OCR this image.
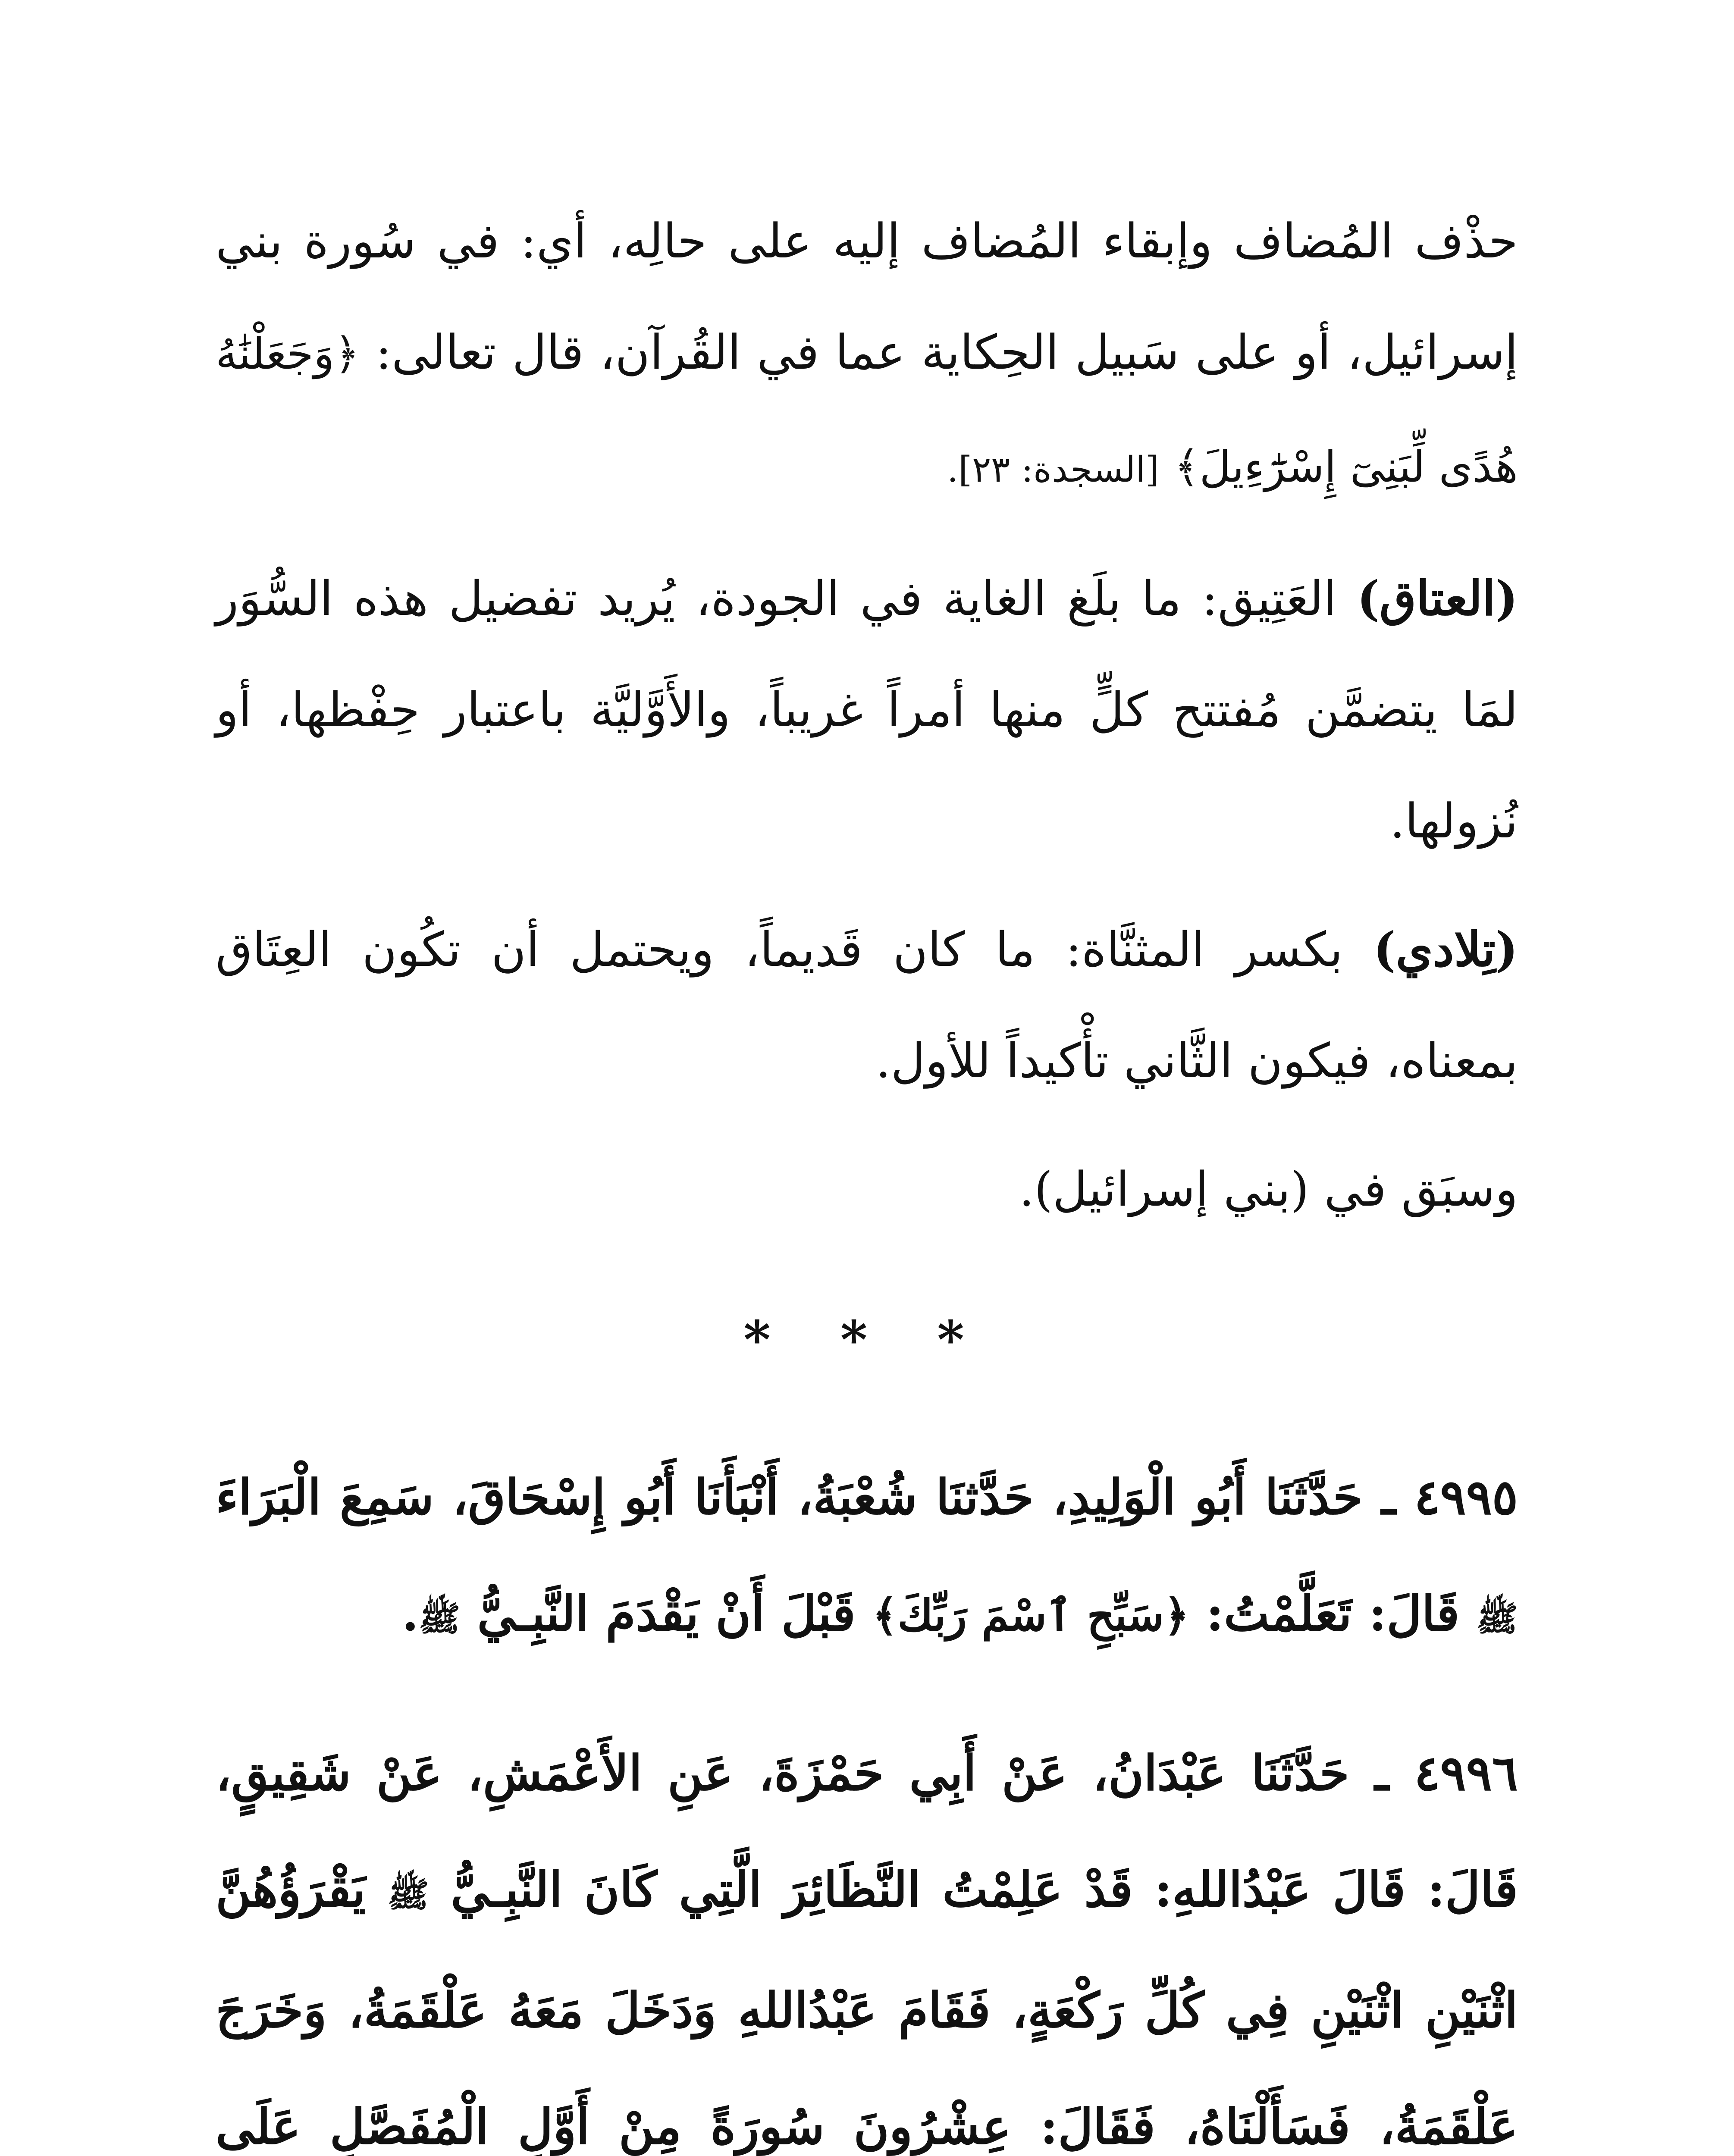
حذْف المُضاف وإبقاء المُضاف إليه على حالِه، أي: في سُورة بني إسرائيل، أو على سَبيل الحِكاية عما في القُرآن، قال تعالى: ﴿وَجَعَلْنَٰهُ هُدًى لِّبَنِىٓ إِسْرَٰٓءِيلَ﴾ [السجدة: ٢٣].

(العتاق) العَتِيق: ما بلَغ الغاية في الجودة، يُريد تفضيل هذه السُّوَر لمَا يتضمَّن مُفتتح كلٍّ منها أمراً غريباً، والأَوَّليَّة باعتبار حِفْظها، أو نُزولها.

(تِلادي) بكسر المثنَّاة: ما كان قَديماً، ويحتمل أن تكُون العِتَاق بمعناه، فيكون الثَّاني تأْكيداً للأول.

وسبَق في (بني إسرائيل).

* * *

٤٩٩٥ ـ حَدَّثَنَا أَبُو الْوَلِيدِ، حَدَّثنَا شُعْبَةُ، أَنْبَأَنَا أَبُو إِسْحَاقَ، سَمِعَ الْبَرَاءَ ﷺ قَالَ: تَعَلَّمْتُ: ﴿سَبِّحِ ٱسْمَ رَبِّكَ﴾ قَبْلَ أَنْ يَقْدَمَ النَّبِـيُّ ﷺ.

٤٩٩٦ ـ حَدَّثَنَا عَبْدَانُ، عَنْ أَبِي حَمْزَةَ، عَنِ الأَعْمَشِ، عَنْ شَقِيقٍ، قَالَ: قَالَ عَبْدُاللهِ: قَدْ عَلِمْتُ النَّظَائِرَ الَّتِي كَانَ النَّبِـيُّ ﷺ يَقْرَؤُهُنَّ اثْنَيْنِ اثْنَيْنِ فِي كُلِّ رَكْعَةٍ، فَقَامَ عَبْدُاللهِ وَدَخَلَ مَعَهُ عَلْقَمَةُ، وَخَرَجَ عَلْقَمَةُ، فَسَأَلْنَاهُ، فَقَالَ: عِشْرُونَ سُورَةً مِنْ أَوَّلِ الْمُفَصَّلِ عَلَى
